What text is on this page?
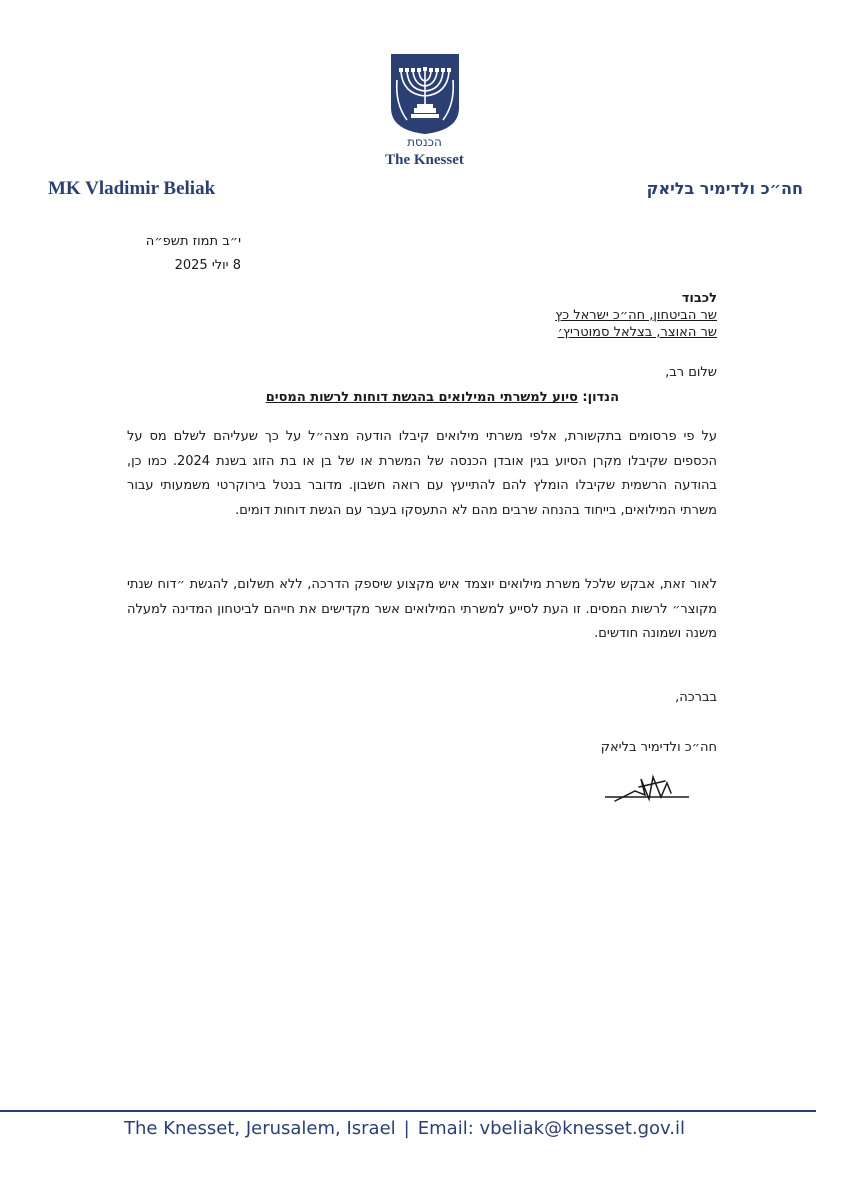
הכנסת
The Knesset
MK Vladimir Beliak	חה״כ ולדימיר בליאק
י״ב תמוז תשפ״ה
8 יולי 2025
לכבוד
שר הביטחון, חה״כ ישראל כץ
שר האוצר, בצלאל סמוטריץ׳
שלום רב,
הנדון: סיוע למשרתי המילואים בהגשת דוחות לרשות המסים
על פי פרסומים בתקשורת, אלפי משרתי מילואים קיבלו הודעה מצה״ל על כך שעליהם לשלם מס על הכספים שקיבלו מקרן הסיוע בגין אובדן הכנסה של המשרת או של בן או בת הזוג בשנת 2024. כמו כן, בהודעה הרשמית שקיבלו הומלץ להם להתייעץ עם רואה חשבון. מדובר בנטל בירוקרטי משמעותי עבור משרתי המילואים, בייחוד בהנחה שרבים מהם לא התעסקו בעבר עם הגשת דוחות דומים.
לאור זאת, אבקש שלכל משרת מילואים יוצמד איש מקצוע שיספק הדרכה, ללא תשלום, להגשת ״דוח שנתי מקוצר״ לרשות המסים. זו העת לסייע למשרתי המילואים אשר מקדישים את חייהם לביטחון המדינה למעלה משנה ושמונה חודשים.
בברכה,
חה״כ ולדימיר בליאק
The Knesset, Jerusalem, Israel | Email: vbeliak@knesset.gov.il
